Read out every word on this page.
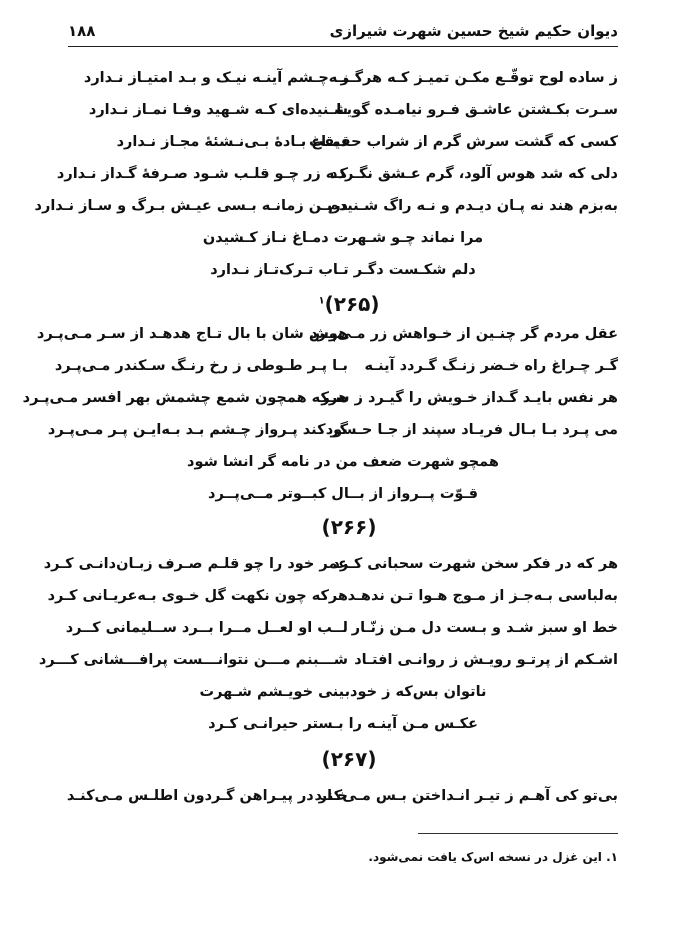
دیوان حکیم شیخ حسین شهرت شیرازی
۱۸۸
ز ساده لوح توقّـع مکـن تمیـز کـه هرگـز
بـه‌چـشم آینـه نیـک و بـد امتیـاز نـدارد
سـرت بکـشتن عاشـق فـرو نیامـده گویـا
شـنیده‌ای کـه شـهید وفـا نمـاز نـدارد
کسی که گشت سرش گرم از شراب حقیقت
دمـاغ بـادهٔ بـی‌نـشئهٔ مجـاز نـدارد
دلی که شد هوس آلود، گرم عـشق نگـردد
کـه زر چـو قلـب شـود صـرفهٔ گـداز نـدارد
به‌بزم هند نه پـان دیـدم و نـه راگ شـنیدم
دریـن زمانـه بـسی عیـش بـرگ و سـاز نـدارد
مرا نماند چـو شـهرت دمـاغ نـاز کـشیدن
دلم شکـست دگـر تـاب تـرک‌تـاز نـدارد
(۲۶۵)$^۱$
عقل مردم گر چنـین از خـواهش زر مـی‌پـرد
هوش شان با بال تـاج هدهـد از سـر مـی‌پـرد
گـر چـراغ راه خـضر زنـگ گـردد آینـه
بـا پـر طـوطی ز رخ رنـگ سـکندر مـی‌پـرد
هر نفس بایـد گـداز خـویش را گیـرد ز سـر
هرکه همچون شمع چشمش بهر افسر مـی‌پـرد
می پـرد بـا بـال فریـاد سپند از جـا حـسود
گر کند پـرواز چـشم بـد بـه‌ایـن پـر مـی‌پـرد
همچو شهرت ضعف من در نامه گر انشا شود
قـوّت پــرواز از بــال کبــوتر مــی‌پــرد
(۲۶۶)
هر که در فکر سخن شهرت سحبانی کـرد
عمر خود را چو قلـم صـرف زبـان‌دانـی کـرد
به‌لباسی بـه‌جـز از مـوج هـوا تـن ندهـد
هرکه چون نکهت گل خـوی بـه‌عریـانی کـرد
خط او سبز شـد و بـست دل مـن زنّـار
لــب او لعــل مــرا بــرد ســلیمانی کــرد
اشـکم از پرتـو رویـش ز روانـی افتـاد
شـــبنم مـــن نتوانـــست پرافـــشانی کـــرد
ناتوان بس‌که ز خودبینی خویـشم شـهرت
عکـس مـن آینـه را بـستر حیرانـی کـرد
(۲۶۷)
بی‌تو کی آهـم ز تیـر انـداختن بـس مـی‌کنـد
خـار در پیـراهن گـردون اطلـس مـی‌کنـد
۱. این غزل در نسخه اس‌ک یافت نمی‌شود.
